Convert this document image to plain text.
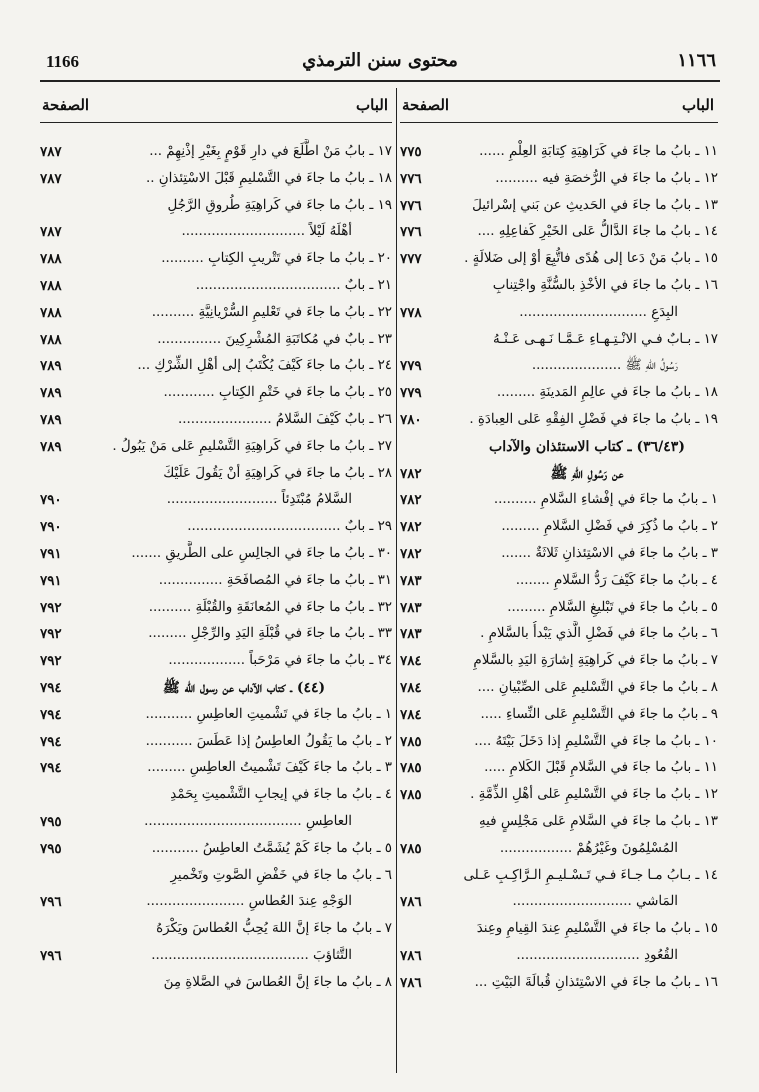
1166	محتوى سنن الترمذي	١١٦٦
الباب
الصفحة
١١ ـ بابُ ما جاءَ في كَرَاهِيَةِ كِتابَةِ العِلْمِ ......
٧٧٥
١٢ ـ بابُ ما جاءَ في الرُّخصَةِ فيه ..........
٧٧٦
١٣ ـ بابُ ما جاءَ في الحَديثِ عن بَني إسْرائيلَ
٧٧٦
١٤ ـ بابُ ما جاءَ الدَّالُّ عَلى الخَيْرِ كَفاعِلِهِ ....
٧٧٦
١٥ ـ بابُ مَنْ دَعا إلى هُدًى فاتُّبِعَ أوْ إلى ضَلالَةٍ .
٧٧٧
١٦ ـ بابُ ما جاءَ في الأخْذِ بالسُّنَّةِ واجْتِنابِ
البِدَعِ ..............................
٧٧٨
١٧ ـ بـابٌ فـي الانْـتِـهـاءِ عَـمَّـا نَـهـى عَـنْـهُ
رَسُولُ اللهِ ﷺ .....................
٧٧٩
١٨ ـ بابُ ما جاءَ في عالِمِ المَدينَةِ .........
٧٧٩
١٩ ـ بابُ ما جاءَ في فَضْلِ الفِقْهِ عَلى العِبادَةِ .
٧٨٠
(٣٦/٤٣) ـ كتاب الاستئذان والآداب
عن رَسُولِ اللهِ ﷺ
٧٨٢
١ ـ بابُ ما جاءَ في إفْشاءِ السَّلامِ ..........
٧٨٢
٢ ـ بابُ ما ذُكِرَ في فَضْلِ السَّلامِ .........
٧٨٢
٣ ـ بابُ ما جاءَ في الاسْتِئذانِ ثَلاثَةٌ .......
٧٨٢
٤ ـ بابُ ما جاءَ كَيْفَ رَدُّ السَّلامِ ........
٧٨٣
٥ ـ بابُ ما جاءَ في تَبْليغِ السَّلامِ .........
٧٨٣
٦ ـ بابُ ما جاءَ في فَضْلِ الَّذي يَبْدأُ بالسَّلامِ .
٧٨٣
٧ ـ بابُ ما جاءَ في كَراهِيَةِ إشارَةِ اليَدِ بالسَّلامِ
٧٨٤
٨ ـ بابُ ما جاءَ في التَّسْليمِ عَلى الصِّبْيانِ ....
٧٨٤
٩ ـ بابُ ما جاءَ في التَّسْليمِ عَلى النِّساءِ .....
٧٨٤
١٠ ـ بابُ ما جاءَ في التَّسْليمِ إذا دَخَلَ بَيْتَهُ ....
٧٨٥
١١ ـ بابُ ما جاءَ في السَّلامِ قَبْلَ الكَلامِ .....
٧٨٥
١٢ ـ بابُ ما جاءَ في التَّسْليمِ عَلى أهْلِ الذِّمَّةِ .
٧٨٥
١٣ ـ بابُ ما جاءَ في السَّلامِ عَلى مَجْلِسٍ فيهِ
المُسْلِمُونَ وغَيْرُهُمْ .................
٧٨٥
١٤ ـ بـابُ مـا جـاءَ فـي تَـسْـليـمِ الـرَّاكِـبِ عَـلى
المَاشي ............................
٧٨٦
١٥ ـ بابُ ما جاءَ في التَّسْليمِ عِندَ القِيامِ وعِندَ
القُعُودِ .............................
٧٨٦
١٦ ـ بابُ ما جاءَ في الاسْتِئذانِ قُبالَةَ البَيْتِ ...
٧٨٦
الباب
الصفحة
١٧ ـ بابُ مَنْ اطَّلَعَ في دارِ قَوْمٍ بِغَيْرِ إذْنِهِمْ ...
٧٨٧
١٨ ـ بابُ ما جاءَ في التَّسْليمِ قَبْلَ الاسْتِئذانِ ..
٧٨٧
١٩ ـ بابُ ما جاءَ في كَراهِيَةِ طُروقِ الرَّجُلِ
أهْلَهُ لَيْلاً .............................
٧٨٧
٢٠ ـ بابُ ما جاءَ في تَتْريبِ الكِتابِ ..........
٧٨٨
٢١ ـ بابٌ ..................................
٧٨٨
٢٢ ـ بابُ ما جاءَ في تَعْليمِ السُّرْيانِيَّةِ ..........
٧٨٨
٢٣ ـ بابٌ في مُكاتَبَةِ المُشْرِكِينَ ...............
٧٨٨
٢٤ ـ بابُ ما جاءَ كَيْفَ يُكْتَبُ إلى أهْلِ الشِّرْكِ ...
٧٨٩
٢٥ ـ بابُ ما جاءَ في خَتْمِ الكِتابِ ............
٧٨٩
٢٦ ـ بابٌ كَيْفَ السَّلامُ ......................
٧٨٩
٢٧ ـ بابُ ما جاءَ في كَراهِيَةِ التَّسْليمِ عَلى مَنْ يَبُولُ .
٧٨٩
٢٨ ـ بابُ ما جاءَ في كَراهِيَةِ أنْ يَقُولَ عَلَيْكَ
السَّلامُ مُبْتَدِئاً ..........................
٧٩٠
٢٩ ـ بابٌ ....................................
٧٩٠
٣٠ ـ بابُ ما جاءَ في الجالِسِ على الطَّريقِ .......
٧٩١
٣١ ـ بابُ ما جاءَ في المُصافَحَةِ ...............
٧٩١
٣٢ ـ بابُ ما جاءَ في المُعانَقَةِ والقُبْلَةِ ..........
٧٩٢
٣٣ ـ بابُ ما جاءَ في قُبْلَةِ اليَدِ والرِّجْلِ .........
٧٩٢
٣٤ ـ بابُ ما جاءَ في مَرْحَباً ..................
٧٩٢
(٤٤) ـ كتاب الآداب عن رسول الله ﷺ
٧٩٤
١ ـ بابُ ما جاءَ في تَشْميتِ العاطِسِ ...........
٧٩٤
٢ ـ بابُ ما يَقُولُ العاطِسُ إذا عَطَسَ ...........
٧٩٤
٣ ـ بابُ ما جاءَ كَيْفَ تَشْميتُ العاطِسِ .........
٧٩٤
٤ ـ بابُ ما جاءَ في إيجابِ التَّشْميتِ بِحَمْدِ
العاطِسِ .....................................
٧٩٥
٥ ـ بابُ ما جاءَ كَمْ يُشَمَّتُ العاطِسُ ...........
٧٩٥
٦ ـ بابُ ما جاءَ في خَفْضِ الصَّوتِ وتَخْميرِ
الوَجْهِ عِندَ العُطاسِ .......................
٧٩٦
٧ ـ بابُ ما جاءَ إنَّ اللهَ يُحِبُّ العُطاسَ ويَكْرَهُ
التَّثاؤبَ .....................................
٧٩٦
٨ ـ بابُ ما جاءَ إنَّ العُطاسَ في الصَّلاةِ مِنَ
